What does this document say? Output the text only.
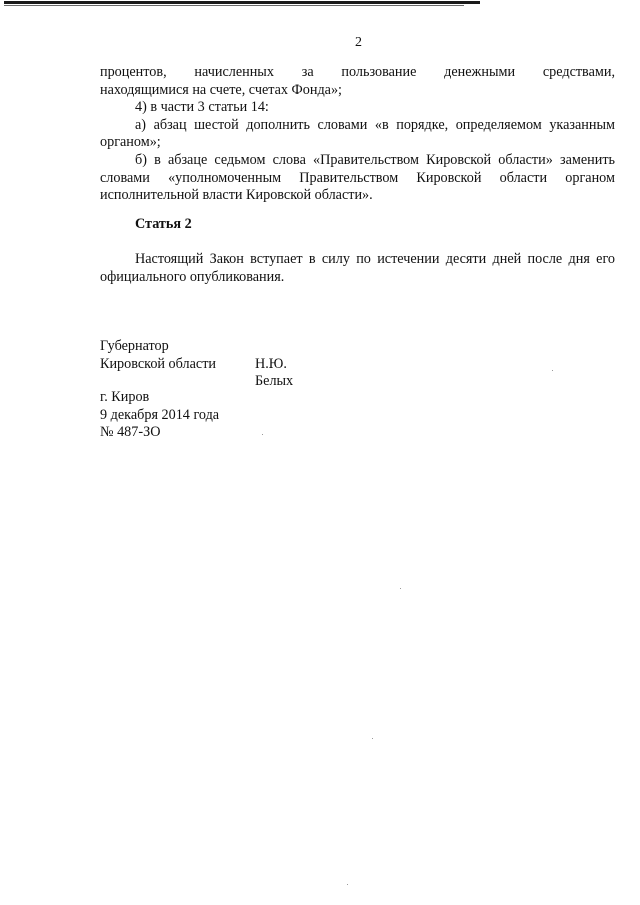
2
процентов, начисленных за пользование денежными средствами,
находящимися на счете, счетах Фонда»;
4) в части 3 статьи 14:
а) абзац шестой дополнить словами «в порядке, определяемом указанным органом»;
б) в абзаце седьмом слова «Правительством Кировской области» заменить словами «уполномоченным Правительством Кировской области органом исполнительной власти Кировской области».
Статья 2
Настоящий Закон вступает в силу по истечении десяти дней после дня его официального опубликования.
Губернатор
Кировской области	Н.Ю. Белых
г. Киров
9 декабря 2014 года
№ 487-ЗО
